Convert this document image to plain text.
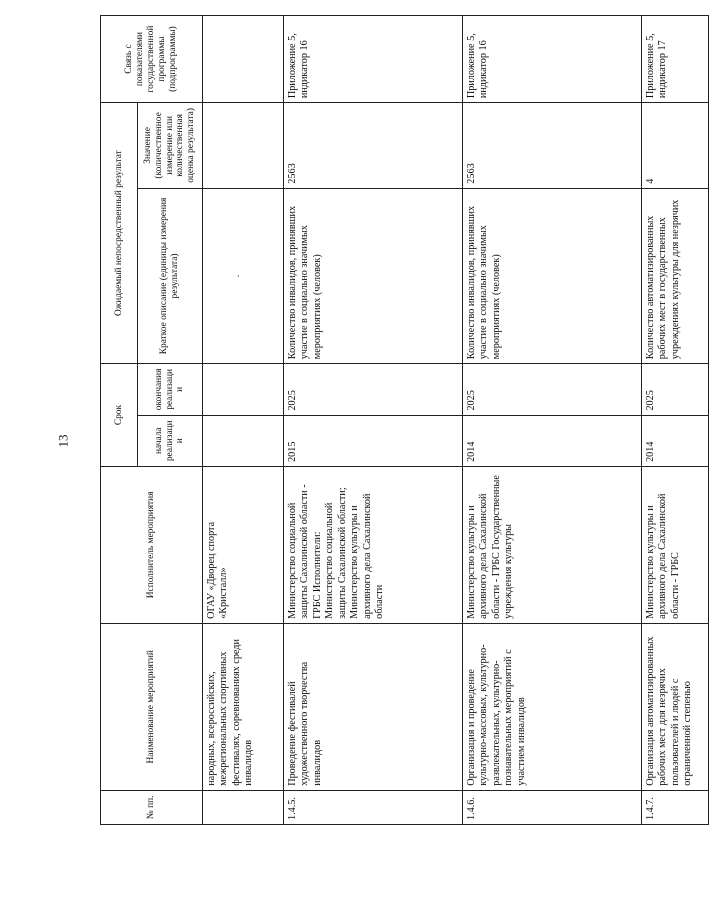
13
№ пп.	Наименование мероприятий	Исполнитель мероприятия	Срок		Ожидаемый непосредственный результат		Связь с показателями государственной программы (подпрограммы)
			начала реализации	окончания реализации	Краткое описание (единицы измерения результата)	Значение (количественное измерение или количественная оценка результата)	
	народных, всероссийских, межрегиональных спортивных фестивалях, соревнованиях среди инвалидов	ОГАУ «Дворец спорта «Кристалл»			·		

1.4.5.	Проведение фестивалей художественного творчества инвалидов	Министерство социальной защиты Сахалинской области - ГРБС Исполнители: Министерство социальной защиты Сахалинской области; Министерство культуры и архивного дела Сахалинской области	2015	2025	Количество инвалидов, принявших участие в социально значимых мероприятиях (человек)	2563	Приложение 5, индикатор 16
1.4.6.	Организация и проведение культурно-массовых, культурно-развлекательных, культурно-познавательных мероприятий с участием инвалидов	Министерство культуры и архивного дела Сахалинской области - ГРБС Государственные учреждения культуры	2014	2025	Количество инвалидов, принявших участие в социально значимых мероприятиях (человек)	2563	Приложение 5, индикатор 16
1.4.7.	Организация автоматизированных рабочих мест для незрячих пользователей и людей с ограниченной степенью	Министерство культуры и архивного дела Сахалинской области - ГРБС	2014	2025	Количество автоматизированных рабочих мест в государственных учреждениях культуры для незрячих	4	Приложение 5, индикатор 17
